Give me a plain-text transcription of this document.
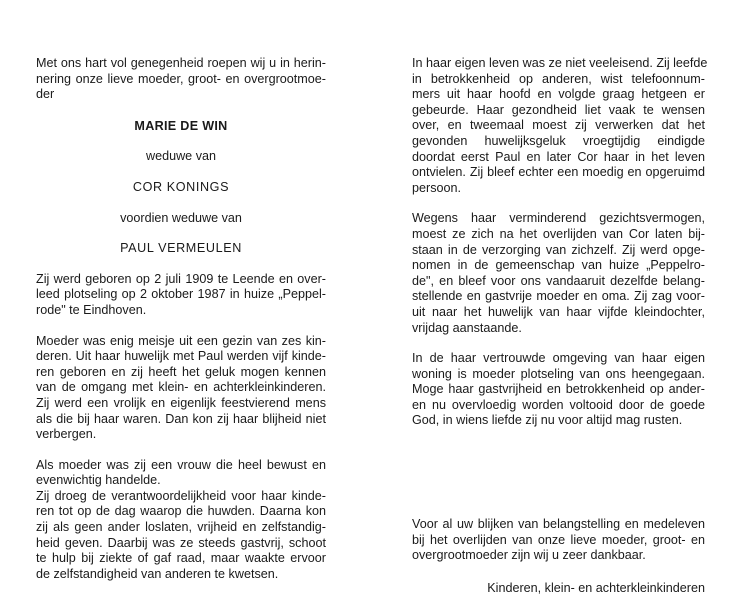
Met ons hart vol genegenheid roepen wij u in herin-
nering onze lieve moeder, groot- en overgrootmoe-
der
MARIE DE WIN
weduwe van
COR KONINGS
voordien weduwe van
PAUL VERMEULEN
Zij werd geboren op 2 juli 1909 te Leende en over-
leed plotseling op 2 oktober 1987 in huize „Peppel-
rode" te Eindhoven.
Moeder was enig meisje uit een gezin van zes kin-
deren. Uit haar huwelijk met Paul werden vijf kinde-
ren geboren en zij heeft het geluk mogen kennen
van de omgang met klein- en achterkleinkinderen.
Zij werd een vrolijk en eigenlijk feestvierend mens
als die bij haar waren. Dan kon zij haar blijheid niet
verbergen.
Als moeder was zij een vrouw die heel bewust en
evenwichtig handelde.
Zij droeg de verantwoordelijkheid voor haar kinde-
ren tot op de dag waarop die huwden. Daarna kon
zij als geen ander loslaten, vrijheid en zelfstandig-
heid geven. Daarbij was ze steeds gastvrij, schoot
te hulp bij ziekte of gaf raad, maar waakte ervoor
de zelfstandigheid van anderen te kwetsen.
In haar eigen leven was ze niet veeleisend. Zij leefde
in betrokkenheid op anderen, wist telefoonnum-
mers uit haar hoofd en volgde graag hetgeen er
gebeurde. Haar gezondheid liet vaak te wensen
over, en tweemaal moest zij verwerken dat het
gevonden huwelijksgeluk vroegtijdig eindigde
doordat eerst Paul en later Cor haar in het leven
ontvielen. Zij bleef echter een moedig en opgeruimd
persoon.
Wegens haar verminderend gezichtsvermogen,
moest ze zich na het overlijden van Cor laten bij-
staan in de verzorging van zichzelf. Zij werd opge-
nomen in de gemeenschap van huize „Peppelro-
de", en bleef voor ons vandaaruit dezelfde belang-
stellende en gastvrije moeder en oma. Zij zag voor-
uit naar het huwelijk van haar vijfde kleindochter,
vrijdag aanstaande.
In de haar vertrouwde omgeving van haar eigen
woning is moeder plotseling van ons heengegaan.
Moge haar gastvrijheid en betrokkenheid op ander-
en nu overvloedig worden voltooid door de goede
God, in wiens liefde zij nu voor altijd mag rusten.
Voor al uw blijken van belangstelling en medeleven
bij het overlijden van onze lieve moeder, groot- en
overgrootmoeder zijn wij u zeer dankbaar.
Kinderen, klein- en achterkleinkinderen
